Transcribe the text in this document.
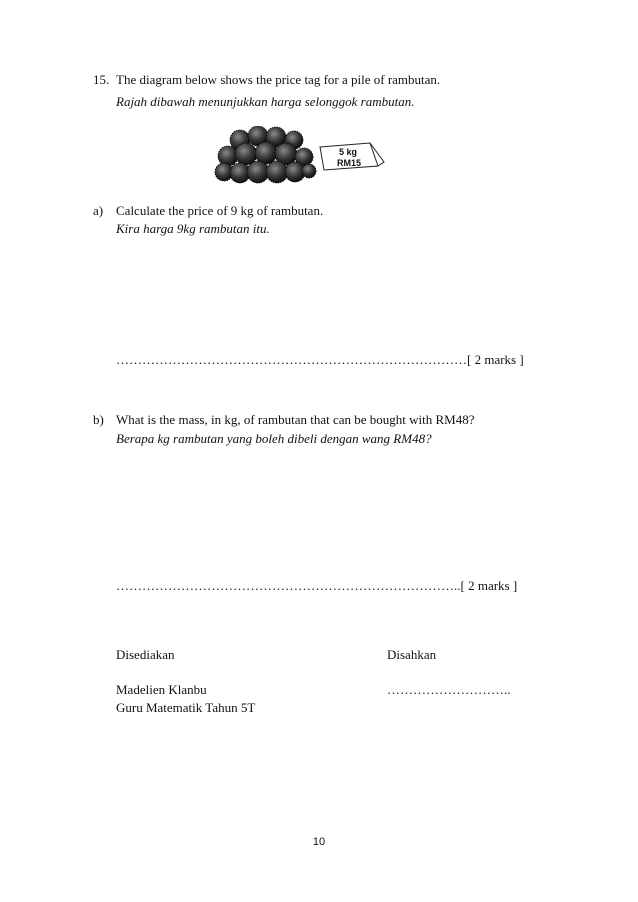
15. The diagram below shows the price tag for a pile of rambutan.
Rajah dibawah menunjukkan harga selonggok rambutan.
5 kg
RM15
a) Calculate the price of 9 kg of rambutan.
Kira harga 9kg rambutan itu.
………………………………………………………………………[ 2 marks ]
b) What is the mass, in kg, of rambutan that can be bought with RM48?
Berapa kg rambutan yang boleh dibeli dengan wang RM48?
……………………………………………………………………..[ 2 marks ]
Disediakan	Disahkan
Madelien Klanbu	………………………..
Guru Matematik Tahun 5T
10
